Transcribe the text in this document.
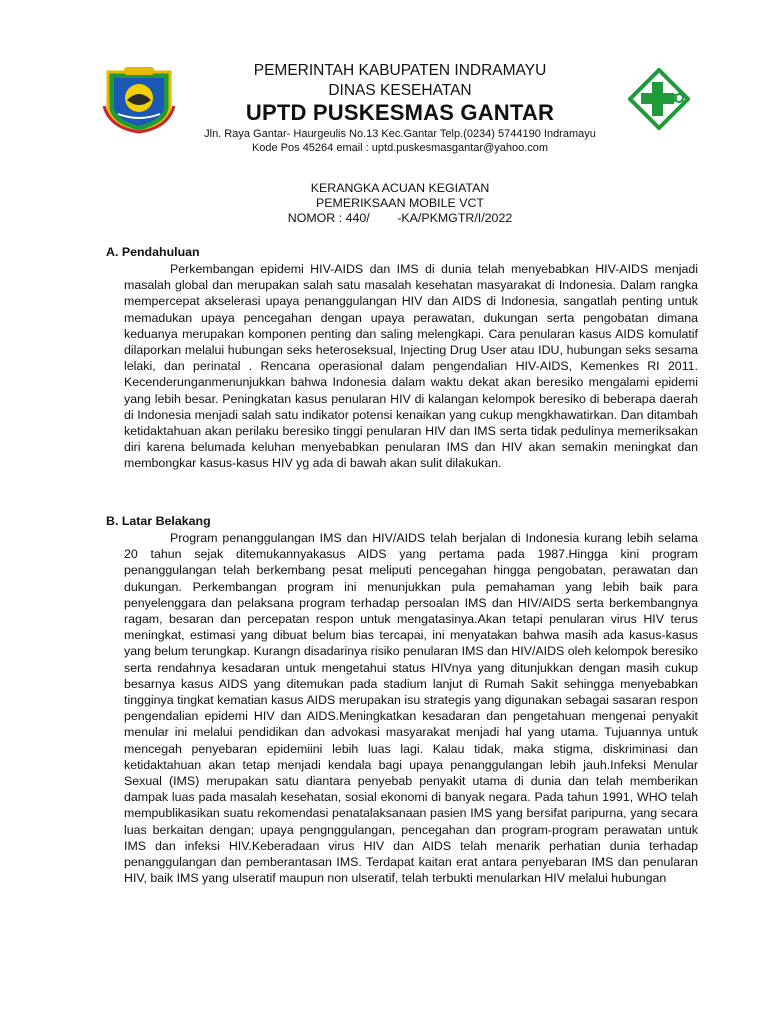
PEMERINTAH KABUPATEN INDRAMAYU
DINAS KESEHATAN
UPTD PUSKESMAS GANTAR
Jln. Raya Gantar- Haurgeulis No.13 Kec.Gantar Telp.(0234) 5744190 Indramayu
Kode Pos 45264 email : uptd.puskesmasgantar@yahoo.com
KERANGKA ACUAN KEGIATAN
PEMERIKSAAN MOBILE VCT
NOMOR : 440/        -KA/PKMGTR/I/2022
A. Pendahuluan

Perkembangan epidemi HIV-AIDS dan IMS di dunia telah menyebabkan HIV-AIDS menjadi masalah global dan merupakan salah satu masalah kesehatan masyarakat di Indonesia. Dalam rangka mempercepat akselerasi upaya penanggulangan HIV dan AIDS di Indonesia, sangatlah penting untuk memadukan upaya pencegahan dengan upaya perawatan, dukungan serta pengobatan dimana keduanya merupakan komponen penting dan saling melengkapi. Cara penularan kasus AIDS komulatif dilaporkan melalui hubungan seks heteroseksual, Injecting Drug User atau IDU, hubungan seks sesama lelaki, dan perinatal . Rencana operasional dalam pengendalian HIV-AIDS, Kemenkes RI 2011. Kecenderunganmenunjukkan bahwa Indonesia dalam waktu dekat akan beresiko mengalami epidemi yang lebih besar. Peningkatan kasus penularan HIV di kalangan kelompok beresiko di beberapa daerah di Indonesia menjadi salah satu indikator potensi kenaikan yang cukup mengkhawatirkan. Dan ditambah ketidaktahuan akan perilaku beresiko tinggi penularan HIV dan IMS serta tidak pedulinya memeriksakan diri karena belumada keluhan menyebabkan penularan IMS dan HIV akan semakin meningkat dan membongkar kasus-kasus HIV yg ada di bawah akan sulit dilakukan.

B. Latar Belakang

Program penanggulangan IMS dan HIV/AIDS telah berjalan di Indonesia kurang lebih selama 20 tahun sejak ditemukannyakasus AIDS yang pertama pada 1987.Hingga kini program penanggulangan telah berkembang pesat meliputi pencegahan hingga pengobatan, perawatan dan dukungan. Perkembangan program ini menunjukkan pula pemahaman yang lebih baik para penyelenggara dan pelaksana program terhadap persoalan IMS dan HIV/AIDS serta berkembangnya ragam, besaran dan percepatan respon untuk mengatasinya.Akan tetapi penularan virus HIV terus meningkat, estimasi yang dibuat belum bias tercapai, ini menyatakan bahwa masih ada kasus-kasus yang belum terungkap. Kurangn disadarinya risiko penularan IMS dan HIV/AIDS oleh kelompok beresiko serta rendahnya kesadaran untuk mengetahui status HIVnya yang ditunjukkan dengan masih cukup besarnya kasus AIDS yang ditemukan pada stadium lanjut di Rumah Sakit sehingga menyebabkan tingginya tingkat kematian kasus AIDS merupakan isu strategis yang digunakan sebagai sasaran respon pengendalian epidemi HIV dan AIDS.Meningkatkan kesadaran dan pengetahuan mengenai penyakit menular ini melalui pendidikan dan advokasi masyarakat menjadi hal yang utama. Tujuannya untuk mencegah penyebaran epidemiini lebih luas lagi. Kalau tidak, maka stigma, diskriminasi dan ketidaktahuan akan tetap menjadi kendala bagi upaya penanggulangan lebih jauh.Infeksi Menular Sexual (IMS) merupakan satu diantara penyebab penyakit utama di dunia dan telah memberikan dampak luas pada masalah kesehatan, sosial ekonomi di banyak negara. Pada tahun 1991, WHO telah mempublikasikan suatu rekomendasi penatalaksanaan pasien IMS yang bersifat paripurna, yang secara luas berkaitan dengan; upaya pengnggulangan, pencegahan dan program-program perawatan untuk IMS dan infeksi HIV.Keberadaan virus HIV dan AIDS telah menarik perhatian dunia terhadap penanggulangan dan pemberantasan IMS. Terdapat kaitan erat antara penyebaran IMS dan penularan HIV, baik IMS yang ulseratif maupun non ulseratif, telah terbukti menularkan HIV melalui hubungan
